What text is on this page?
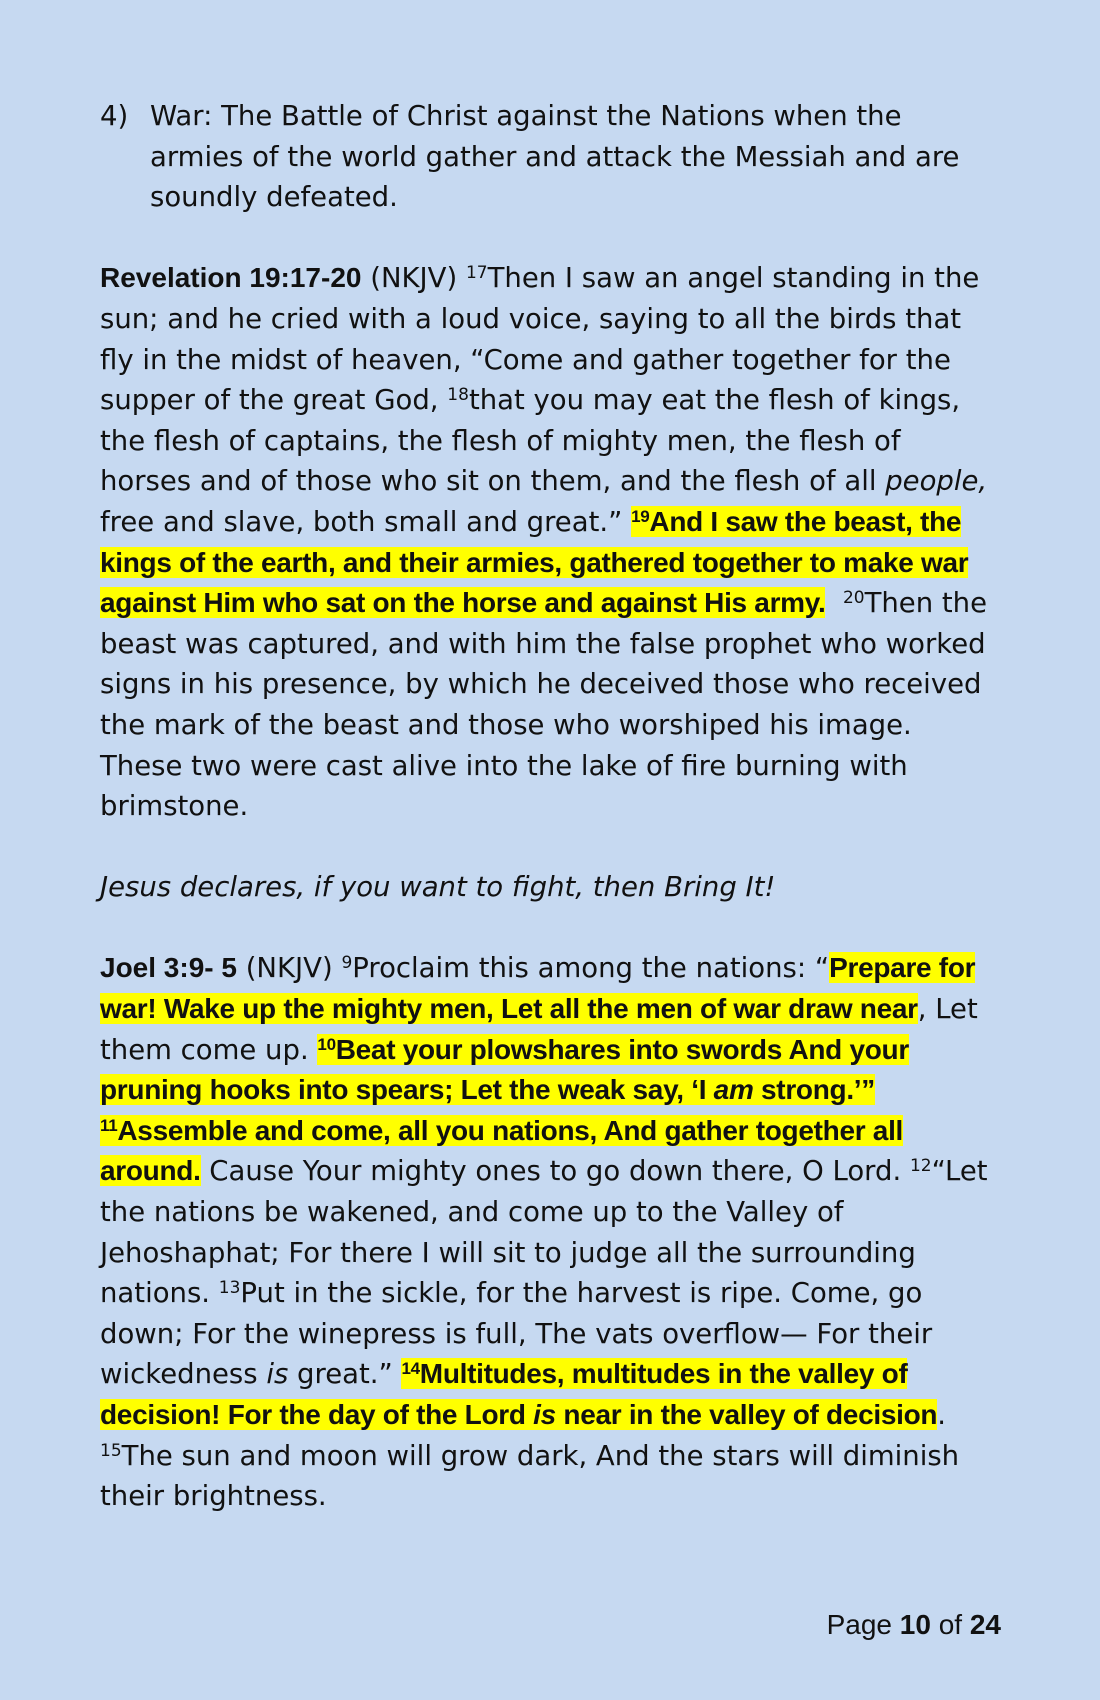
4) War: The Battle of Christ against the Nations when the armies of the world gather and attack the Messiah and are soundly defeated.

Revelation 19:17-20 (NKJV) $^{17}$Then I saw an angel standing in the sun; and he cried with a loud voice, saying to all the birds that fly in the midst of heaven, “Come and gather together for the supper of the great God, $^{18}$that you may eat the flesh of kings, the flesh of captains, the flesh of mighty men, the flesh of horses and of those who sit on them, and the flesh of all people, free and slave, both small and great.” $^{19}$And I saw the beast, the kings of the earth, and their armies, gathered together to make war against Him who sat on the horse and against His army. $^{20}$Then the beast was captured, and with him the false prophet who worked signs in his presence, by which he deceived those who received the mark of the beast and those who worshiped his image. These two were cast alive into the lake of fire burning with brimstone.

Jesus declares, if you want to fight, then Bring It!

Joel 3:9- 5 (NKJV) $^9$Proclaim this among the nations: “Prepare for war! Wake up the mighty men, Let all the men of war draw near, Let them come up. $^{10}$Beat your plowshares into swords And your pruning hooks into spears; Let the weak say, ‘I am strong.’” $^{11}$Assemble and come, all you nations, And gather together all around. Cause Your mighty ones to go down there, O Lord. $^{12}$“Let the nations be wakened, and come up to the Valley of Jehoshaphat; For there I will sit to judge all the surrounding nations. $^{13}$Put in the sickle, for the harvest is ripe. Come, go down; For the winepress is full, The vats overflow— For their wickedness is great.” $^{14}$Multitudes, multitudes in the valley of decision! For the day of the Lord is near in the valley of decision. $^{15}$The sun and moon will grow dark, And the stars will diminish their brightness.

Page 10 of 24
